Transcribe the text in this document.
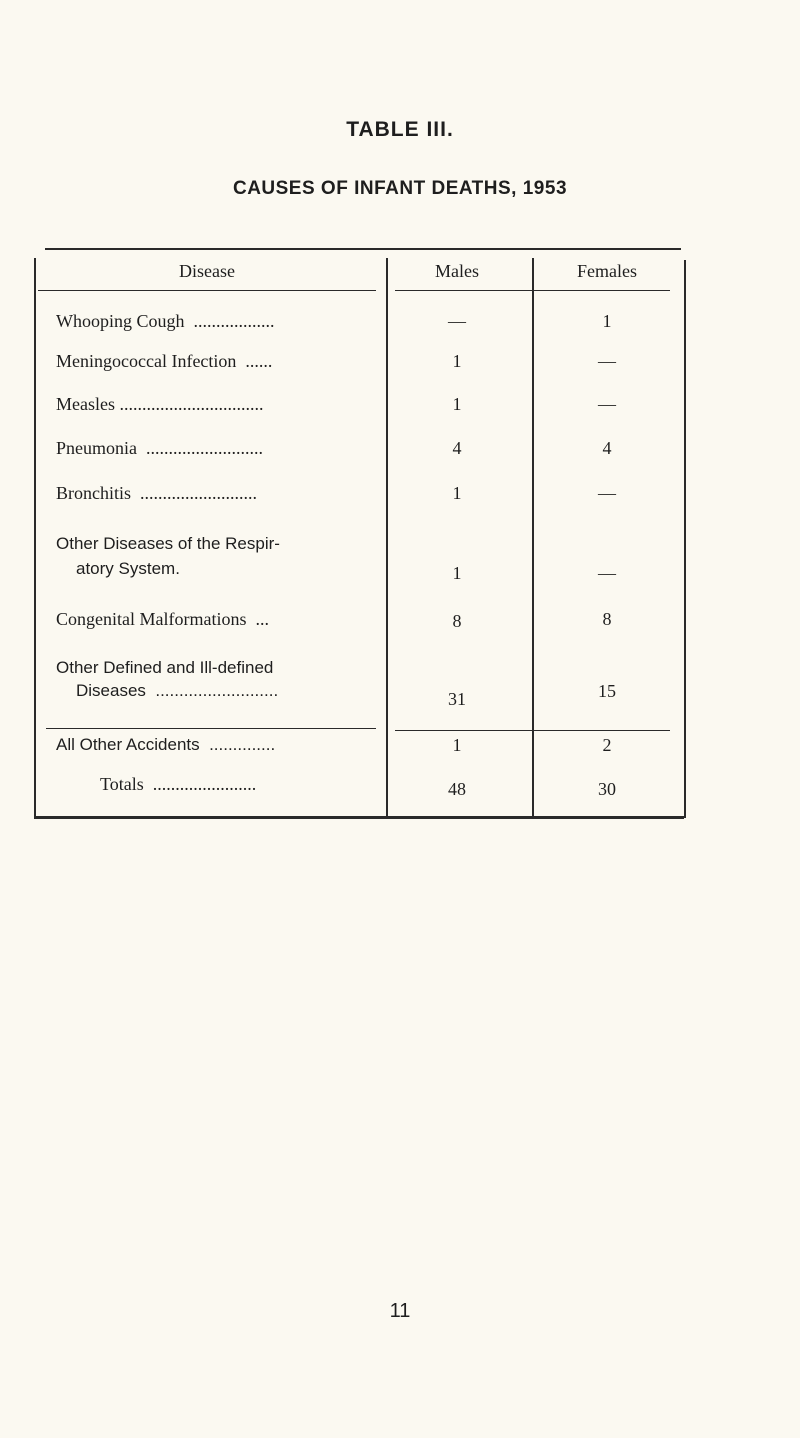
TABLE III.
CAUSES OF INFANT DEATHS, 1953
Disease	Males	Females
Whooping Cough  ..................	—	1
Meningococcal Infection  ......	1	—
Measles ................................	1	—
Pneumonia  ..........................	4	4
Bronchitis  ..........................	1	—
Other Diseases of the Respir-
atory System.	1	—
Congenital Malformations  ...	8	8
Other Defined and Ill-defined
Diseases  ..........................	31	15
All Other Accidents  ..............	1	2
Totals  .......................	48	30
11
